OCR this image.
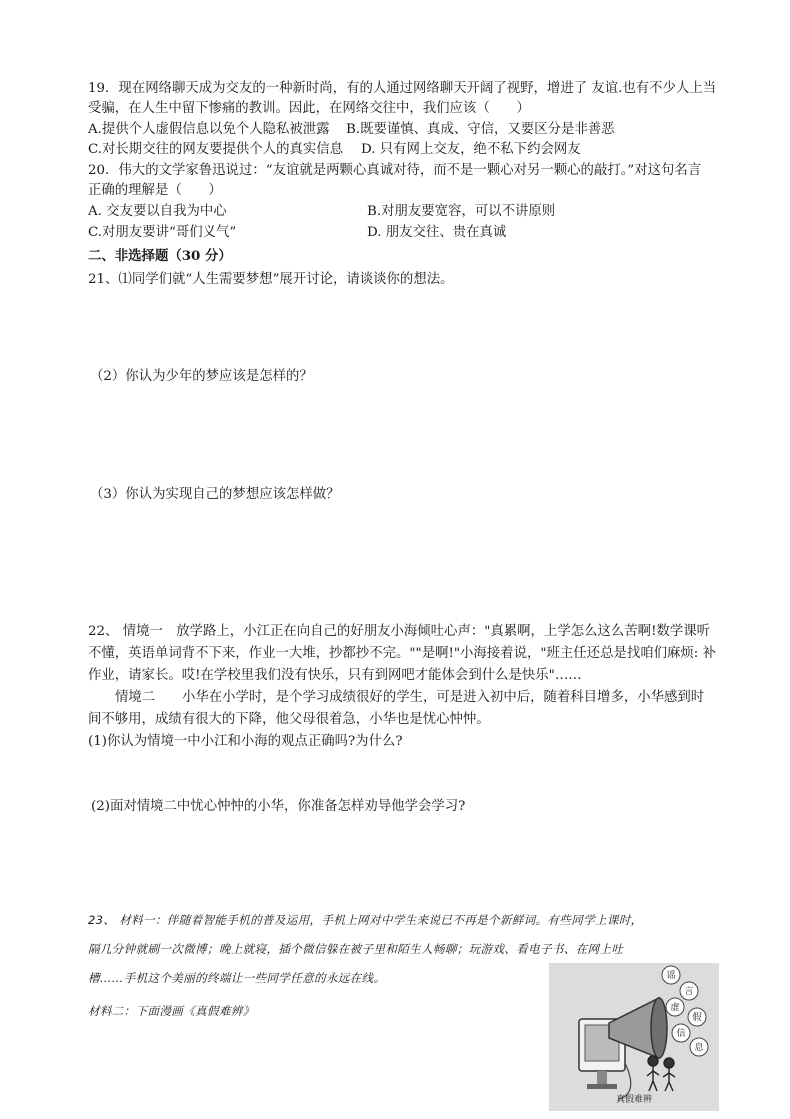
19．现在网络聊天成为交友的一种新时尚，有的人通过网络聊天开阔了视野，增进了 友谊.也有不少人上当
受骗，在人生中留下惨痛的教训。因此，在网络交往中，我们应该（　　）
A.提供个人虚假信息以免个人隐私被泄露 B.既要谨慎、真成、守信，又要区分是非善恶
C.对长期交往的网友要提供个人的真实信息 D. 只有网上交友，绝不私下约会网友
20．伟大的文学家鲁迅说过：“友谊就是两颗心真诚对待，而不是一颗心对另一颗心的敲打。”对这句名言
正确的理解是（　　）
A. 交友要以自我为中心	B.对朋友要宽容，可以不讲原则
C.对朋友要讲“哥们义气”	D. 朋友交往、贵在真诚
二、非选择题（30 分）
21、⑴同学们就“人生需要梦想”展开讨论，请谈谈你的想法。
（2）你认为少年的梦应该是怎样的？
（3）你认为实现自己的梦想应该怎样做？
22、 情境一　放学路上，小江正在向自己的好朋友小海倾吐心声："真累啊，上学怎么这么苦啊!数学课听
不懂，英语单词背不下来，作业一大堆，抄都抄不完。""是啊!"小海接着说，"班主任还总是找咱们麻烦: 补
作业，请家长。哎!在学校里我们没有快乐，只有到网吧才能体会到什么是快乐"……
情境二　　小华在小学时，是个学习成绩很好的学生，可是进入初中后，随着科目增多，小华感到时
间不够用，成绩有很大的下降，他父母很着急，小华也是忧心忡忡。
(1)你认为情境一中小江和小海的观点正确吗?为什么?
(2)面对情境二中忧心忡忡的小华，你准备怎样劝导他学会学习?
23、 材料一：伴随着智能手机的普及运用，手机上网对中学生来说已不再是个新鲜词。有些同学上课时，
隔几分钟就刷一次微博；晚上就寝，插个微信躲在被子里和陌生人畅聊；玩游戏、看电子书、在网上吐
槽……手机这个美丽的终端让一些同学任意的永远在线。
材料二：下面漫画《真假难辨》
谣
言
虚
假
信
息
真假难辨
